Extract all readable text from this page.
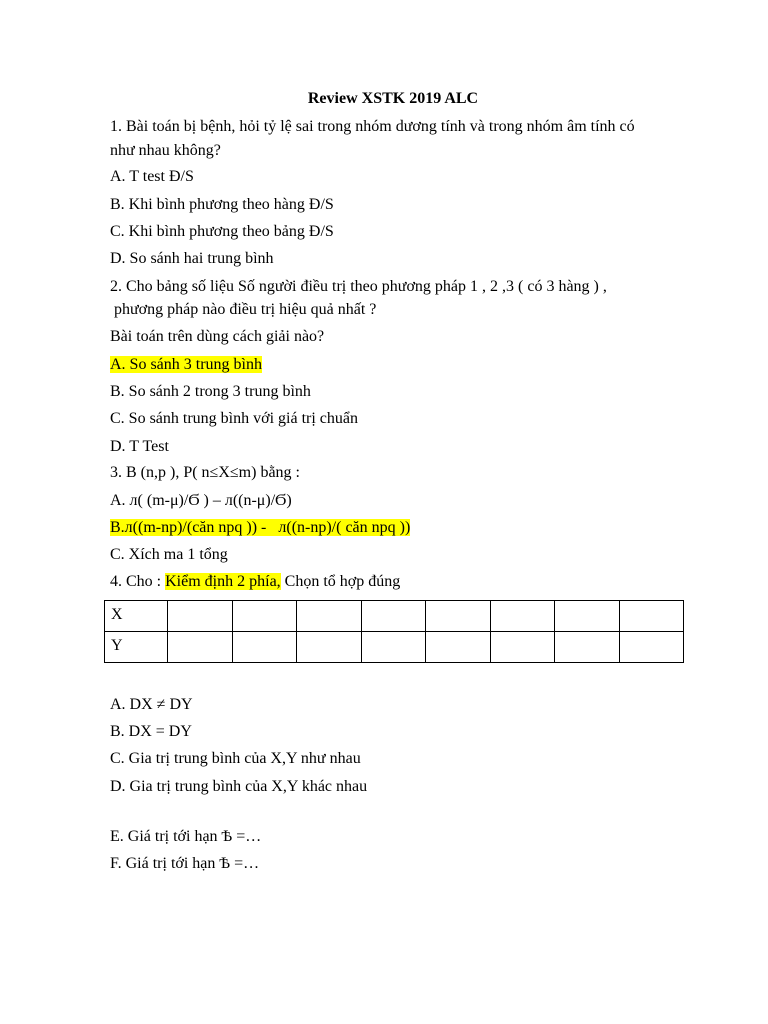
Review XSTK 2019 ALC
1. Bài toán bị bệnh, hỏi tỷ lệ sai trong nhóm dương tính và trong nhóm âm tính có
như nhau không?
A. T test Đ/S
B. Khi bình phương theo hàng Đ/S
C. Khi bình phương theo bảng Đ/S
D. So sánh hai trung bình
2. Cho bảng số liệu Số người điều trị theo phương pháp 1 , 2 ,3 ( có 3 hàng ) ,
phương pháp nào điều trị hiệu quả nhất ?
Bài toán trên dùng cách giải nào?
A. So sánh 3 trung bình
B. So sánh 2 trong 3 trung bình
C. So sánh trung bình với giá trị chuẩn
D. T Test
3. B (n,p ), P( n≤X≤m) bằng :
A. л( (m-μ)/Ϭ ) – л((n-μ)/Ϭ)
B.л((m-np)/(căn npq )) -   л((n-np)/( căn npq ))
C. Xích ma 1 tổng
4. Cho : Kiểm định 2 phía, Chọn tổ hợp đúng
X								
Y								
A. DX ≠ DY
B. DX = DY
C. Gia trị trung bình của X,Y như nhau
D. Gia trị trung bình của X,Y khác nhau
E. Giá trị tới hạn Ѣ =…
F. Giá trị tới hạn Ѣ =…
